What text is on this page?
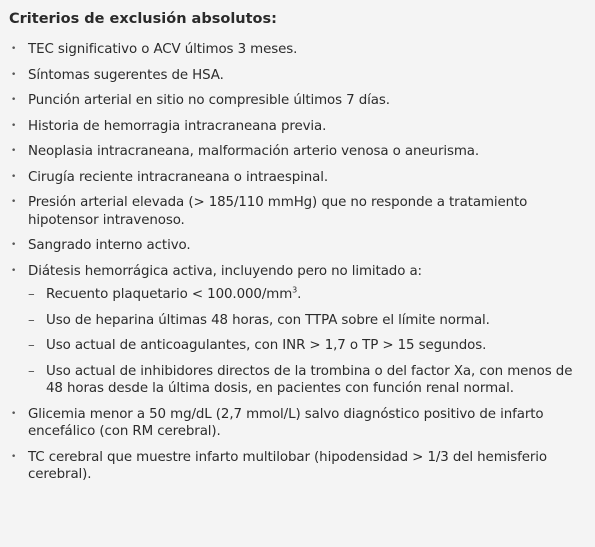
Criterios de exclusión absolutos:
• TEC significativo o ACV últimos 3 meses.
• Síntomas sugerentes de HSA.
• Punción arterial en sitio no compresible últimos 7 días.
• Historia de hemorragia intracraneana previa.
• Neoplasia intracraneana, malformación arterio venosa o aneurisma.
• Cirugía reciente intracraneana o intraespinal.
• Presión arterial elevada (> 185/110 mmHg) que no responde a tratamiento hipotensor intravenoso.
• Sangrado interno activo.
• Diátesis hemorrágica activa, incluyendo pero no limitado a:
– Recuento plaquetario < $100.000/mm^3$.
– Uso de heparina últimas 48 horas, con TTPA sobre el límite normal.
– Uso actual de anticoagulantes, con INR > 1,7 o TP > 15 segundos.
– Uso actual de inhibidores directos de la trombina o del factor Xa, con menos de 48 horas desde la última dosis, en pacientes con función renal normal.
• Glicemia menor a 50 mg/dL (2,7 mmol/L) salvo diagnóstico positivo de infarto encefálico (con RM cerebral).
• TC cerebral que muestre infarto multilobar (hipodensidad > 1/3 del hemisferio cerebral).
